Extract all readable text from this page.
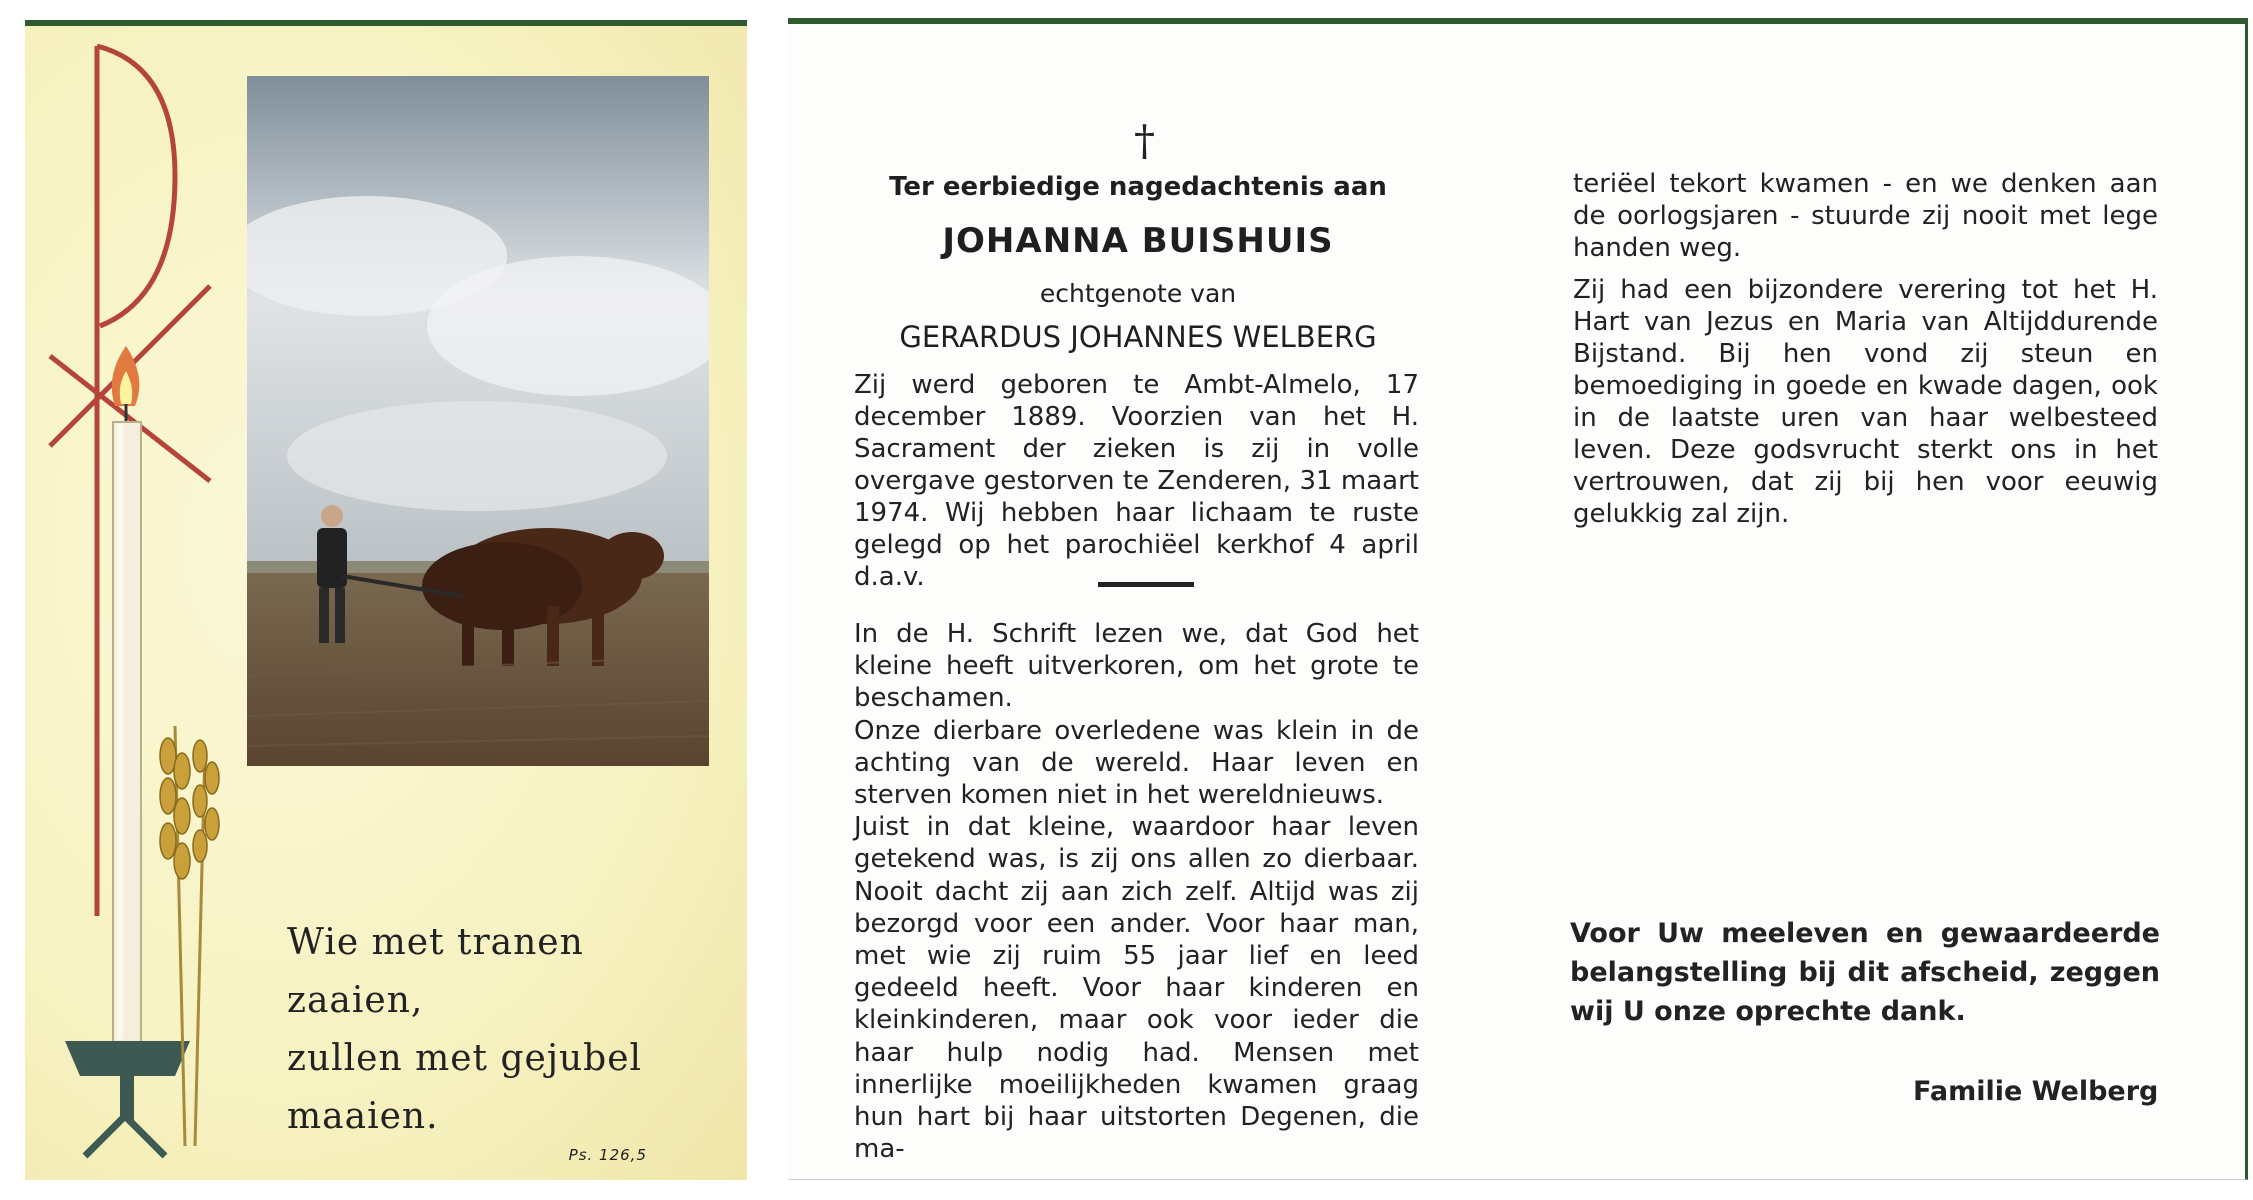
Wie met tranen zaaien,
zullen met gejubel maaien.
Ps. 126,5
†
Ter eerbiedige nagedachtenis aan
JOHANNA BUISHUIS
echtgenote van
GERARDUS JOHANNES WELBERG

Zij werd geboren te Ambt-Almelo, 17 december 1889. Voorzien van het H. Sacrament der zieken is zij in volle overgave gestorven te Zenderen, 31 maart 1974. Wij hebben haar lichaam te ruste gelegd op het parochiëel kerkhof 4 april d.a.v.

In de H. Schrift lezen we, dat God het kleine heeft uitverkoren, om het grote te beschamen.

Onze dierbare overledene was klein in de achting van de wereld. Haar leven en sterven komen niet in het wereldnieuws.

Juist in dat kleine, waardoor haar leven getekend was, is zij ons allen zo dierbaar. Nooit dacht zij aan zich zelf. Altijd was zij bezorgd voor een ander. Voor haar man, met wie zij ruim 55 jaar lief en leed gedeeld heeft. Voor haar kinderen en kleinkinderen, maar ook voor ieder die haar hulp nodig had. Mensen met innerlijke moeilijkheden kwamen graag hun hart bij haar uitstorten Degenen, die ma-

teriëel tekort kwamen - en we denken aan de oorlogsjaren - stuurde zij nooit met lege handen weg.

Zij had een bijzondere verering tot het H. Hart van Jezus en Maria van Altijddurende Bijstand. Bij hen vond zij steun en bemoediging in goede en kwade dagen, ook in de laatste uren van haar welbesteed leven. Deze godsvrucht sterkt ons in het vertrouwen, dat zij bij hen voor eeuwig gelukkig zal zijn.

Voor Uw meeleven en gewaardeerde belangstelling bij dit afscheid, zeggen wij U onze oprechte dank.
Familie Welberg
